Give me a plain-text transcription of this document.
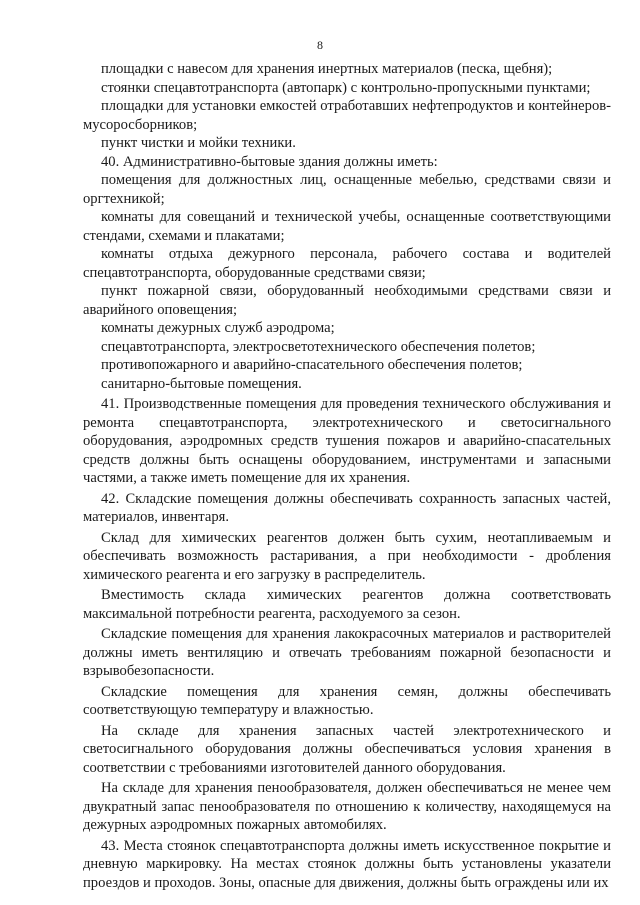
8

площадки с навесом для хранения инертных материалов (песка, щебня);

стоянки спецавтотранспорта (автопарк) с контрольно-пропускными пунктами;

площадки для установки емкостей отработавших нефтепродуктов и контейнеров-мусоросборников;

пункт чистки и мойки техники.

40. Административно-бытовые здания должны иметь:

помещения для должностных лиц, оснащенные мебелью, средствами связи и оргтехникой;

комнаты для совещаний и технической учебы, оснащенные соответствующими стендами, схемами и плакатами;

комнаты отдыха дежурного персонала, рабочего состава и водителей спецавтотранспорта, оборудованные средствами связи;

пункт пожарной связи, оборудованный необходимыми средствами связи и аварийного оповещения;

комнаты дежурных служб аэродрома;

спецавтотранспорта, электросветотехнического обеспечения полетов;

противопожарного и аварийно-спасательного обеспечения полетов;

санитарно-бытовые помещения.

41. Производственные помещения для проведения технического обслуживания и ремонта спецавтотранспорта, электротехнического и светосигнального оборудования, аэродромных средств тушения пожаров и аварийно-спасательных средств должны быть оснащены оборудованием, инструментами и запасными частями, а также иметь помещение для их хранения.

42. Складские помещения должны обеспечивать сохранность запасных частей, материалов, инвентаря.

Склад для химических реагентов должен быть сухим, неотапливаемым и обеспечивать возможность растаривания, а при необходимости - дробления химического реагента и его загрузку в распределитель.

Вместимость склада химических реагентов должна соответствовать максимальной потребности реагента, расходуемого за сезон.

Складские помещения для хранения лакокрасочных материалов и растворителей должны иметь вентиляцию и отвечать требованиям пожарной безопасности и взрывобезопасности.

Складские помещения для хранения семян, должны обеспечивать соответствующую температуру и влажностью.

На складе для хранения запасных частей электротехнического и светосигнального оборудования должны обеспечиваться условия хранения в соответствии с требованиями изготовителей данного оборудования.

На складе для хранения пенообразователя, должен обеспечиваться не менее чем двукратный запас пенообразователя по отношению к количеству, находящемуся на дежурных аэродромных пожарных автомобилях.

43. Места стоянок спецавтотранспорта должны иметь искусственное покрытие и дневную маркировку. На местах стоянок должны быть установлены указатели проездов и проходов. Зоны, опасные для движения, должны быть ограждены или их
